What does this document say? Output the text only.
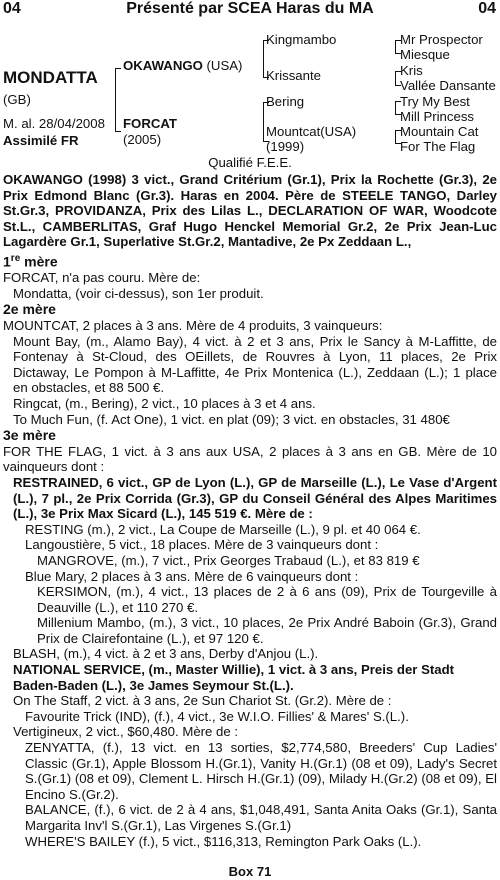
04	Présenté par SCEA Haras du MA	04
MONDATTA
(GB)
M. al. 28/04/2008
Assimilé FR
OKAWANGO (USA)
FORCAT
(2005)
Kingmambo
Krissante
Bering
Mountcat(USA)
(1999)
Mr Prospector
Miesque
Kris
Vallée Dansante
Try My Best
Mill Princess
Mountain Cat
For The Flag
Qualifié F.E.E.

OKAWANGO (1998) 3 vict., Grand Critérium (Gr.1), Prix la Rochette (Gr.3), 2e Prix Edmond Blanc (Gr.3). Haras en 2004. Père de STEELE TANGO, Darley St.Gr.3, PROVIDANZA, Prix des Lilas L., DECLARATION OF WAR, Woodcote St.L., CAMBERLITAS, Graf Hugo Henckel Memorial Gr.2, 2e Prix Jean-Luc Lagardère Gr.1, Superlative St.Gr.2, Mantadive, 2e Px Zeddaan L.,

1re mère

FORCAT, n'a pas couru. Mère de:

Mondatta, (voir ci-dessus), son 1er produit.

2e mère

MOUNTCAT, 2 places à 3 ans. Mère de 4 produits, 3 vainqueurs:

Mount Bay, (m., Alamo Bay), 4 vict. à 2 et 3 ans, Prix le Sancy à M-Laffitte, de Fontenay à St-Cloud, des OEillets, de Rouvres à Lyon, 11 places, 2e Prix Dictaway, Le Pompon à M-Laffitte, 4e Prix Montenica (L.), Zeddaan (L.); 1 place en obstacles, et 88 500 €.

Ringcat, (m., Bering), 2 vict., 10 places à 3 et 4 ans.

To Much Fun, (f. Act One), 1 vict. en plat (09); 3 vict. en obstacles, 31 480€

3e mère

FOR THE FLAG, 1 vict. à 3 ans aux USA, 2 places à 3 ans en GB. Mère de 10 vainqueurs dont :

RESTRAINED, 6 vict., GP de Lyon (L.), GP de Marseille (L.), Le Vase d'Argent (L.), 7 pl., 2e Prix Corrida (Gr.3), GP du Conseil Général des Alpes Maritimes (L.), 3e Prix Max Sicard (L.), 145 519 €. Mère de :

RESTING (m.), 2 vict., La Coupe de Marseille (L.), 9 pl. et 40 064 €.

Langoustière, 5 vict., 18 places. Mère de 3 vainqueurs dont :

MANGROVE, (m.), 7 vict., Prix Georges Trabaud (L.), et 83 819 €

Blue Mary, 2 places à 3 ans. Mère de 6 vainqueurs dont :

KERSIMON, (m.), 4 vict., 13 places de 2 à 6 ans (09), Prix de Tourgeville à Deauville (L.), et 110 270 €.

Millenium Mambo, (m.), 3 vict., 10 places, 2e Prix André Baboin (Gr.3), Grand Prix de Clairefontaine (L.), et 97 120 €.

BLASH, (m.), 4 vict. à 2 et 3 ans, Derby d'Anjou (L.).

NATIONAL SERVICE, (m., Master Willie), 1 vict. à 3 ans, Preis der Stadt Baden-Baden (L.), 3e James Seymour St.(L.).

On The Staff, 2 vict. à 3 ans, 2e Sun Chariot St. (Gr.2). Mère de :

Favourite Trick (IND), (f.), 4 vict., 3e W.I.O. Fillies' & Mares' S.(L.).

Vertigineux, 2 vict., $60,480. Mère de :

ZENYATTA, (f.), 13 vict. en 13 sorties, $2,774,580, Breeders' Cup Ladies' Classic (Gr.1), Apple Blossom H.(Gr.1), Vanity H.(Gr.1) (08 et 09), Lady's Secret S.(Gr.1) (08 et 09), Clement L. Hirsch H.(Gr.1) (09), Milady H.(Gr.2) (08 et 09), El Encino S.(Gr.2).

BALANCE, (f.), 6 vict. de 2 à 4 ans, $1,048,491, Santa Anita Oaks (Gr.1), Santa Margarita Inv'l S.(Gr.1), Las Virgenes S.(Gr.1)

WHERE'S BAILEY (f.), 5 vict., $116,313, Remington Park Oaks (L.).

Box 71
